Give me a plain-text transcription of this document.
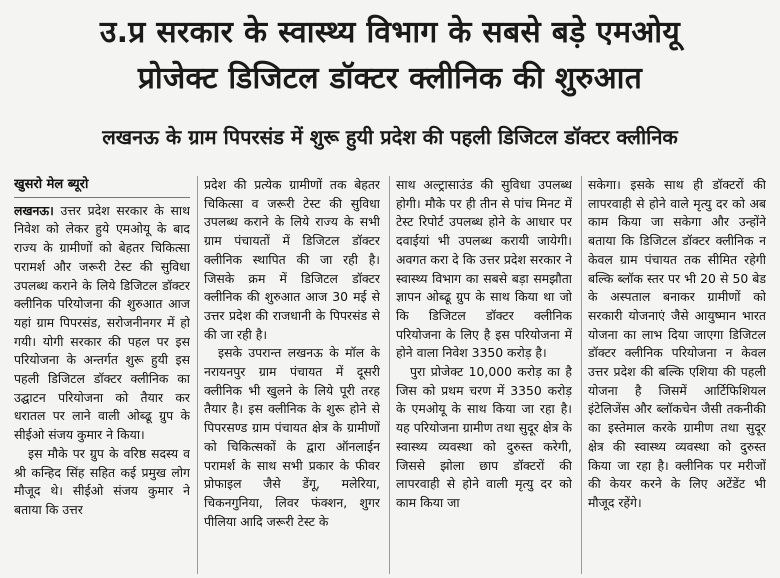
उ.प्र सरकार के स्वास्थ्य विभाग के सबसे बड़े एमओयू
प्रोजेक्ट डिजिटल डॉक्टर क्लीनिक की शुरुआत
लखनऊ के ग्राम पिपरसंड में शुरू हुयी प्रदेश की पहली डिजिटल डॉक्टर क्लीनिक
खुसरो मेल ब्यूरो

लखनऊ। उत्तर प्रदेश सरकार के साथ निवेश को लेकर हुये एमओयू के बाद राज्य के ग्रामीणों को बेहतर चिकित्सा परामर्श और जरूरी टेस्ट की सुविधा उपलब्ध कराने के लिये डिजिटल डॉक्टर क्लीनिक परियोजना की शुरुआत आज यहां ग्राम पिपरसंड, सरोजनीनगर में हो गयी। योगी सरकार की पहल पर इस परियोजना के अन्तर्गत शुरू हुयी इस पहली डिजिटल डॉक्टर क्लीनिक का उद्घाटन परियोजना को तैयार कर धरातल पर लाने वाली ओब्ढू ग्रुप के सीईओ संजय कुमार ने किया।

इस मौके पर ग्रुप के वरिष्ठ सदस्य व श्री कन्हिद सिंह सहित कई प्रमुख लोग मौजूद थे। सीईओ संजय कुमार ने बताया कि उत्तर

प्रदेश की प्रत्येक ग्रामीणों तक बेहतर चिकित्सा व जरूरी टेस्ट की सुविधा उपलब्ध कराने के लिये राज्य के सभी ग्राम पंचायतों में डिजिटल डॉक्टर क्लीनिक स्थापित की जा रही है। जिसके क्रम में डिजिटल डॉक्टर क्लीनिक की शुरुआत आज 30 मई से उत्तर प्रदेश की राजधानी के पिपरसंड से की जा रही है।

इसके उपरान्त लखनऊ के मॉल के नरायनपुर ग्राम पंचायत में दूसरी क्लीनिक भी खुलने के लिये पूरी तरह तैयार है। इस क्लीनिक के शुरू होने से पिपरसण्ड ग्राम पंचायत क्षेत्र के ग्रामीणों को चिकित्सकों के द्वारा ऑनलाईन परामर्श के साथ सभी प्रकार के फीवर प्रोफाइल जैसे डेंगू, मलेरिया, चिकनगुनिया, लिवर फंक्शन, शुगर पीलिया आदि जरूरी टेस्ट के

साथ अल्ट्रासाउंड की सुविधा उपलब्ध होगी। मौके पर ही तीन से पांच मिनट में टेस्ट रिपोर्ट उपलब्ध होने के आधार पर दवाईयां भी उपलब्ध करायी जायेगी। अवगत करा दे कि उत्तर प्रदेश सरकार ने स्वास्थ्य विभाग का सबसे बड़ा समझौता ज्ञापन ओब्ढू ग्रुप के साथ किया था जो कि डिजिटल डॉक्टर क्लीनिक परियोजना के लिए है इस परियोजना में होने वाला निवेश 3350 करोड़ है।

पुरा प्रोजेक्ट 10,000 करोड़ का है जिस को प्रथम चरण में 3350 करोड़ के एमओयू के साथ किया जा रहा है। यह परियोजना ग्रामीण तथा सुदूर क्षेत्र के स्वास्थ्य व्यवस्था को दुरुस्त करेगी, जिससे झोला छाप डॉक्टरों की लापरवाही से होने वाली मृत्यु दर को काम किया जा

सकेगा। इसके साथ ही डॉक्टरों की लापरवाही से होने वाले मृत्यु दर को अब काम किया जा सकेगा और उन्होंने बताया कि डिजिटल डॉक्टर क्लीनिक न केवल ग्राम पंचायत तक सीमित रहेगी बल्कि ब्लॉक स्तर पर भी 20 से 50 बेड के अस्पताल बनाकर ग्रामीणों को सरकारी योजनाएं जैसे आयुष्मान भारत योजना का लाभ दिया जाएगा डिजिटल डॉक्टर क्लीनिक परियोजना न केवल उत्तर प्रदेश की बल्कि एशिया की पहली योजना है जिसमें आर्टिफिशियल इंटेलिजेंस और ब्लॉकचेन जैसी तकनीकी का इस्तेमाल करके ग्रामीण तथा सुदूर क्षेत्र की स्वास्थ्य व्यवस्था को दुरुस्त किया जा रहा है। क्लीनिक पर मरीजों की केयर करने के लिए अटेंडेंट भी मौजूद रहेंगे।
